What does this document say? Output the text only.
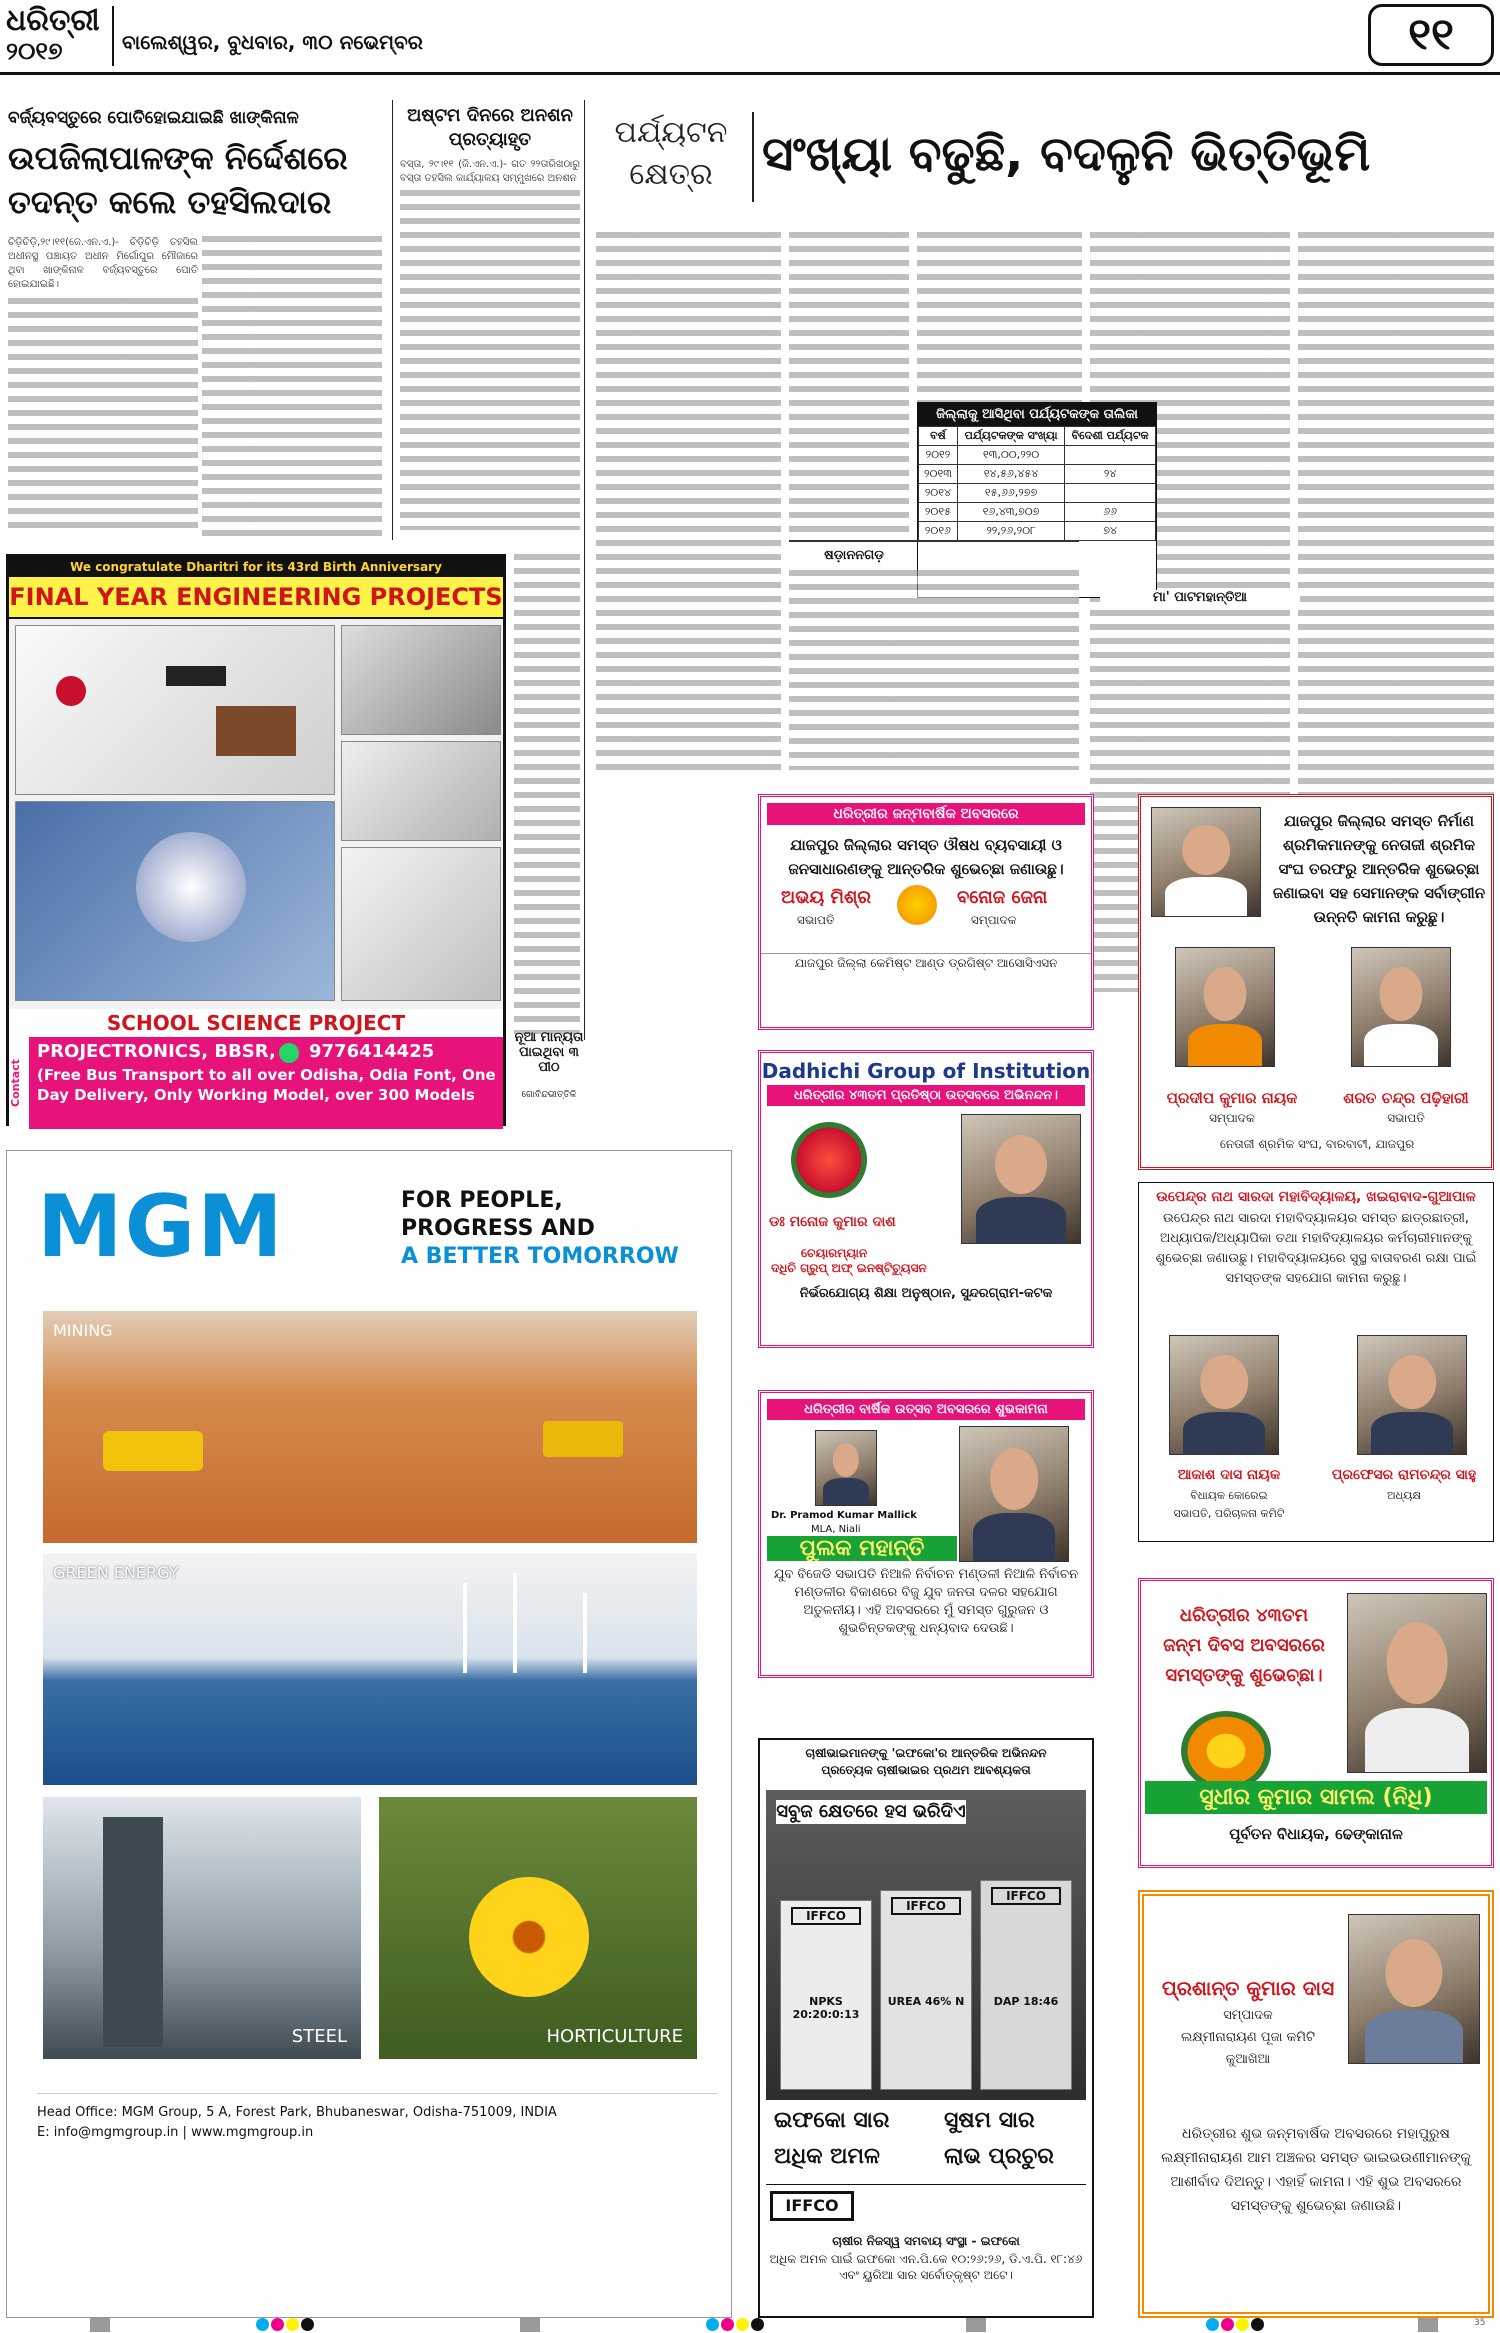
ଧରିତ୍ରୀ
୨୦୧୭	ବାଲେଶ୍ୱର, ବୁଧବାର, ୩୦ ନଭେମ୍ବର	୧୧
ବର୍ଜ୍ୟବସ୍ତୁରେ ପୋତିହୋଇଯାଇଛି ଖାଙ୍କିନାଳ
ଉପଜିଲାପାଳଙ୍କ ନିର୍ଦ୍ଦେଶରେ ତଦନ୍ତ କଲେ ତହସିଲଦାର
ଚିଡ଼ିଚିଡ଼ି,୨୯।୧୧(ଜେ.ଏନ.ଏ.)- ଚିଡ଼ିଚିଡ଼ି ତହସିଲ ଅଧୀନସ୍ଥ ପଞ୍ଚାୟତ ଅଧୀନ ମିର୍ଗୋପୁର ମୌଜାରେ ଥିବା ଖାଙ୍କିନାଳ ବର୍ଜ୍ୟବସ୍ତୁରେ ପୋତି ହୋଇଯାଇଛି।
ଅଷ୍ଟମ ଦିନରେ ଅନଶନ ପ୍ରତ୍ୟାହୃତ
ବସ୍ତା, ୨୯।୧୧ (ଜି.ଏନ.ଏ.)- ଗତ ୨୨ତାରିଖଠାରୁ ବସ୍ତା ତହସିଲ କାର୍ଯ୍ୟାଳୟ ସମ୍ମୁଖରେ ଅନଶନ
ପର୍ଯ୍ୟଟନ
କ୍ଷେତ୍ର	ସଂଖ୍ୟା ବଢୁଛି, ବଦଳୁନି ଭିତ୍ତିଭୂମି
ଜିଲ୍ଲାକୁ ଆସିଥିବା ପର୍ଯ୍ୟଟକଙ୍କ ତାଲିକା
ବର୍ଷ	ପର୍ଯ୍ୟଟକଙ୍କ ସଂଖ୍ୟା	ବିଦେଶୀ ପର୍ଯ୍ୟଟକ
୨୦୧୨	୧୩,୦୦,୨୨୦	
୨୦୧୩	୧୪,୫୬,୪୫୪	୨୪
୨୦୧୪	୧୫,୬୬,୨୭୭	
୨୦୧୫	୧୬,୪୩,୭୦୭	୬୬
୨୦୧୬	୨୨,୨୬,୨୦୮	୭୪
ଷଡ଼ାନନଗଡ଼
ମା' ପାଟମହାନ୍ତିଆ
We congratulate Dharitri for its 43rd Birth Anniversary
FINAL YEAR ENGINEERING PROJECTS
SCHOOL SCIENCE PROJECT
Contact
PROJECTRONICS, BBSR, 9776414425
(Free Bus Transport to all over Odisha, Odia Font, One Day Delivery, Only Working Model, over 300 Models
ନୂଆ ମାନ୍ୟତା ପାଇଥିବା ୩ ପୀଠ
ଗୋବିନ୍ଦଭୀତ୍ତିକି
MGM	FOR PEOPLE,
PROGRESS AND
A BETTER TOMORROW
MINING
GREEN ENERGY
STEEL	HORTICULTURE
Head Office: MGM Group, 5 A, Forest Park, Bhubaneswar, Odisha-751009, INDIA
E: info@mgmgroup.in | www.mgmgroup.in
ଧରିତ୍ରୀର ଜନ୍ମବାର୍ଷିକ ଅବସରରେ
ଯାଜପୁର ଜିଲ୍ଲାର ସମସ୍ତ ଔଷଧ ବ୍ୟବସାୟୀ ଓ ଜନସାଧାରଣଙ୍କୁ ଆନ୍ତରିକ ଶୁଭେଚ୍ଛା ଜଣାଉଛୁ।
ଅଭୟ ମିଶ୍ର
ସଭାପତି
ବନୋଜ ଜେନା
ସମ୍ପାଦକ
ଯାଜପୁର ଜିଲ୍ଲା କେମିଷ୍ଟ ଆଣ୍ଡ ଡ୍ରଗିଷ୍ଟ ଆସୋସିଏସନ
Dadhichi Group of Institution
ଧରିତ୍ରୀର ୪୩ତମ ପ୍ରତିଷ୍ଠା ଉତ୍ସବରେ ଅଭିନନ୍ଦନ।
ଡଃ ମନୋଜ କୁମାର ଦାଶ
ଚେୟାରମ୍ୟାନ
ଦଧିଚି ଗ୍ରୁପ୍ ଅଫ୍ ଇନଷ୍ଟିଚ୍ୟୁସନ
ନିର୍ଭରଯୋଗ୍ୟ ଶିକ୍ଷା ଅନୁଷ୍ଠାନ, ସୁନ୍ଦରଗ୍ରାମ-କଟକ
ଧରିତ୍ରୀର ବାର୍ଷିକ ଉତ୍ସବ ଅବସରରେ ଶୁଭକାମନା
Dr. Pramod Kumar Mallick
MLA, Niali
ପୁଲକ ମହାନ୍ତି
ଯୁବ ବିଜେଡି ସଭାପତି ନିଆଳି ନିର୍ବାଚନ ମଣ୍ଡଳୀ ନିଆଳି ନିର୍ବାଚନ ମଣ୍ଡଳୀର ବିକାଶରେ ବିଜୁ ଯୁବ ଜନତା ଦଳର ସହଯୋଗ ଅତୁଳନୀୟ। ଏହି ଅବସରରେ ମୁଁ ସମସ୍ତ ଗୁରୁଜନ ଓ ଶୁଭଚିନ୍ତକଙ୍କୁ ଧନ୍ୟବାଦ ଦେଉଛି।
ଚାଷୀଭାଇମାନଙ୍କୁ 'ଇଫକୋ'ର ଆନ୍ତରିକ ଅଭିନନ୍ଦନ
ପ୍ରତ୍ୟେକ ଚାଷୀଭାଇର ପ୍ରଥମ ଆବଶ୍ୟକତା
ସବୁଜ କ୍ଷେତରେ ହସ ଭରିଦିଏ
IFFCO
NPKS 20:20:0:13
IFFCO
UREA 46% N
IFFCO
DAP 18:46
ଇଫକୋ ସାର
ଅଧିକ ଅମଳ
ସୁଷମ ସାର
ଲାଭ ପ୍ରଚୁର
IFFCO
ଚାଷୀର ନିଜସ୍ୱ ସମବାୟ ସଂସ୍ଥା - ଇଫକୋ
ଅଧିକ ଅମଳ ପାଇଁ ଇଫକୋ ଏନ.ପି.କେ ୧୦:୨୬:୨୬, ଡି.ଏ.ପି. ୧୮:୪୬ ଏବଂ ୟୁରିଆ ସାର ସର୍ବୋତ୍କୃଷ୍ଟ ଅଟେ।
ଯାଜପୁର ଜିଲ୍ଲାର ସମସ୍ତ ନିର୍ମାଣ ଶ୍ରମିକମାନଙ୍କୁ ନେତାଜୀ ଶ୍ରମିକ ସଂଘ ତରଫରୁ ଆନ୍ତରିକ ଶୁଭେଚ୍ଛା ଜଣାଇବା ସହ ସେମାନଙ୍କ ସର୍ବାଙ୍ଗୀନ ଉନ୍ନତି କାମନା କରୁଛୁ।
ପ୍ରଦୀପ କୁମାର ନାୟକ
ସମ୍ପାଦକ
ଶରତ ଚନ୍ଦ୍ର ପଢ଼ିହାରୀ
ସଭାପତି
ନେତାଜୀ ଶ୍ରମିକ ସଂଘ, ବାରବାଟୀ, ଯାଜପୁର
ଉପେନ୍ଦ୍ର ନାଥ ସାରଦା ମହାବିଦ୍ୟାଳୟ, ଖଇରାବାଦ-ଗୁଆପାଳ
ଉପେନ୍ଦ୍ର ନାଥ ସାରଦା ମହାବିଦ୍ୟାଳୟର ସମସ୍ତ ଛାତ୍ରଛାତ୍ରୀ, ଅଧ୍ୟାପକ/ଅଧ୍ୟାପିକା ତଥା ମହାବିଦ୍ୟାଳୟର କର୍ମଚାରୀମାନଙ୍କୁ ଶୁଭେଚ୍ଛା ଜଣାଉଛୁ। ମହାବିଦ୍ୟାଳୟରେ ସୁସ୍ଥ ବାତାବରଣ ରକ୍ଷା ପାଇଁ ସମସ୍ତଙ୍କ ସହଯୋଗ କାମନା କରୁଛୁ।
ଆକାଶ ଦାସ ନାୟକ
ବିଧାୟକ କୋରେଇ
ସଭାପତି, ପରିଚାଳନା କମିଟି
ପ୍ରଫେସର ରାମଚନ୍ଦ୍ର ସାହୁ
ଅଧ୍ୟକ୍ଷ
ଧରିତ୍ରୀର ୪୩ତମ
ଜନ୍ମ ଦିବସ ଅବସରରେ
ସମସ୍ତଙ୍କୁ ଶୁଭେଚ୍ଛା।
ସୁଧୀର କୁମାର ସାମଲ (ନିଧି)
ପୂର୍ବତନ ବିଧାୟକ, ଢେଙ୍କାନାଳ
ପ୍ରଶାନ୍ତ କୁମାର ଦାସ
ସମ୍ପାଦକ
ଲକ୍ଷ୍ମୀନାରାୟଣ ପୂଜା କମିଟି
କୁଆଖିଆ
ଧରିତ୍ରୀର ଶୁଭ ଜନ୍ମବାର୍ଷିକ ଅବସରରେ ମହାପୁରୁଷ ଲକ୍ଷ୍ମୀନାରାୟଣ ଆମ ଅଞ୍ଚଳର ସମସ୍ତ ଭାଇଭଉଣୀମାନଙ୍କୁ ଆଶୀର୍ବାଦ ଦିଅନ୍ତୁ। ଏହାହିଁ କାମନା। ଏହି ଶୁଭ ଅବସରରେ ସମସ୍ତଙ୍କୁ ଶୁଭେଚ୍ଛା ଜଣାଉଛି।
35
